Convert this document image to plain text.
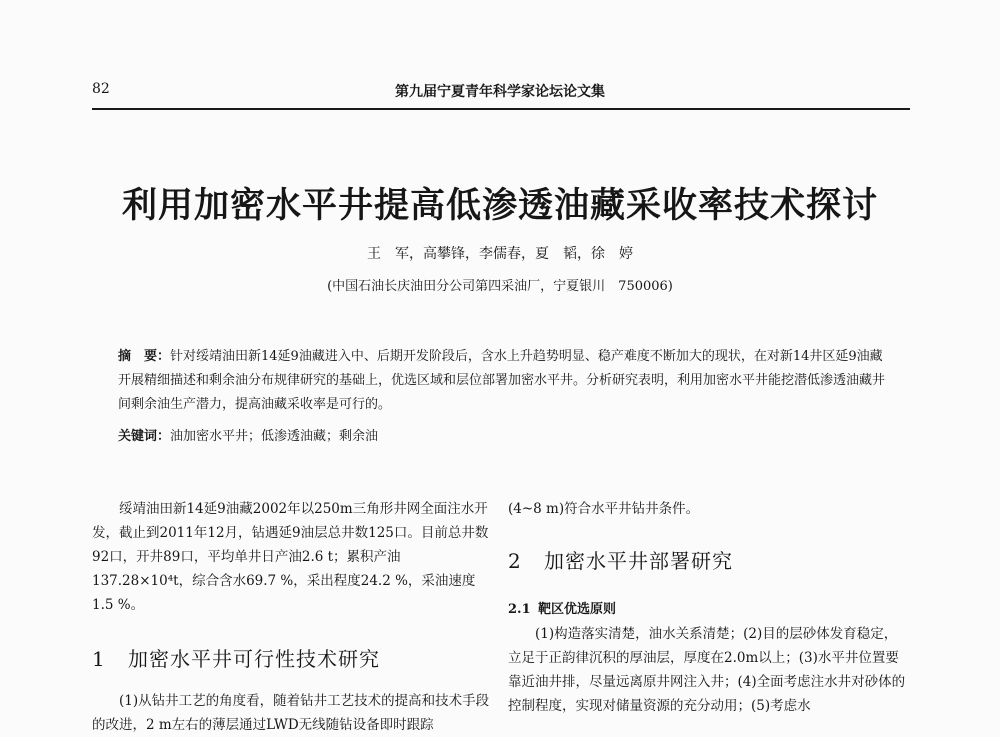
82	第九届宁夏青年科学家论坛论文集
利用加密水平井提高低渗透油藏采收率技术探讨
王　军，高攀锋，李儒春，夏　韬，徐　婷
(中国石油长庆油田分公司第四采油厂，宁夏银川　750006)
摘　要：针对绥靖油田新14延9油藏进入中、后期开发阶段后，含水上升趋势明显、稳产难度不断加大的现状，在对新14井区延9油藏开展精细描述和剩余油分布规律研究的基础上，优选区域和层位部署加密水平井。分析研究表明，利用加密水平井能挖潜低渗透油藏井间剩余油生产潜力，提高油藏采收率是可行的。
关键词：油加密水平井；低渗透油藏；剩余油
绥靖油田新14延9油藏2002年以250m三角形井网全面注水开发，截止到2011年12月，钻遇延9油层总井数125口。目前总井数92口，开井89口，平均单井日产油2.6 t；累积产油137.28×10⁴t，综合含水69.7 %，采出程度24.2 %，采油速度1.5 %。
1 加密水平井可行性技术研究
(1)从钻井工艺的角度看，随着钻井工艺技术的提高和技术手段的改进，2 m左右的薄层通过LWD无线随钻设备即时跟踪
(4~8 m)符合水平井钻井条件。
2 加密水平井部署研究
2.1 靶区优选原则
(1)构造落实清楚，油水关系清楚；(2)目的层砂体发育稳定，立足于正韵律沉积的厚油层，厚度在2.0m以上；(3)水平井位置要靠近油井排，尽量远离原井网注入井；(4)全面考虑注水井对砂体的控制程度，实现对储量资源的充分动用；(5)考虑水
